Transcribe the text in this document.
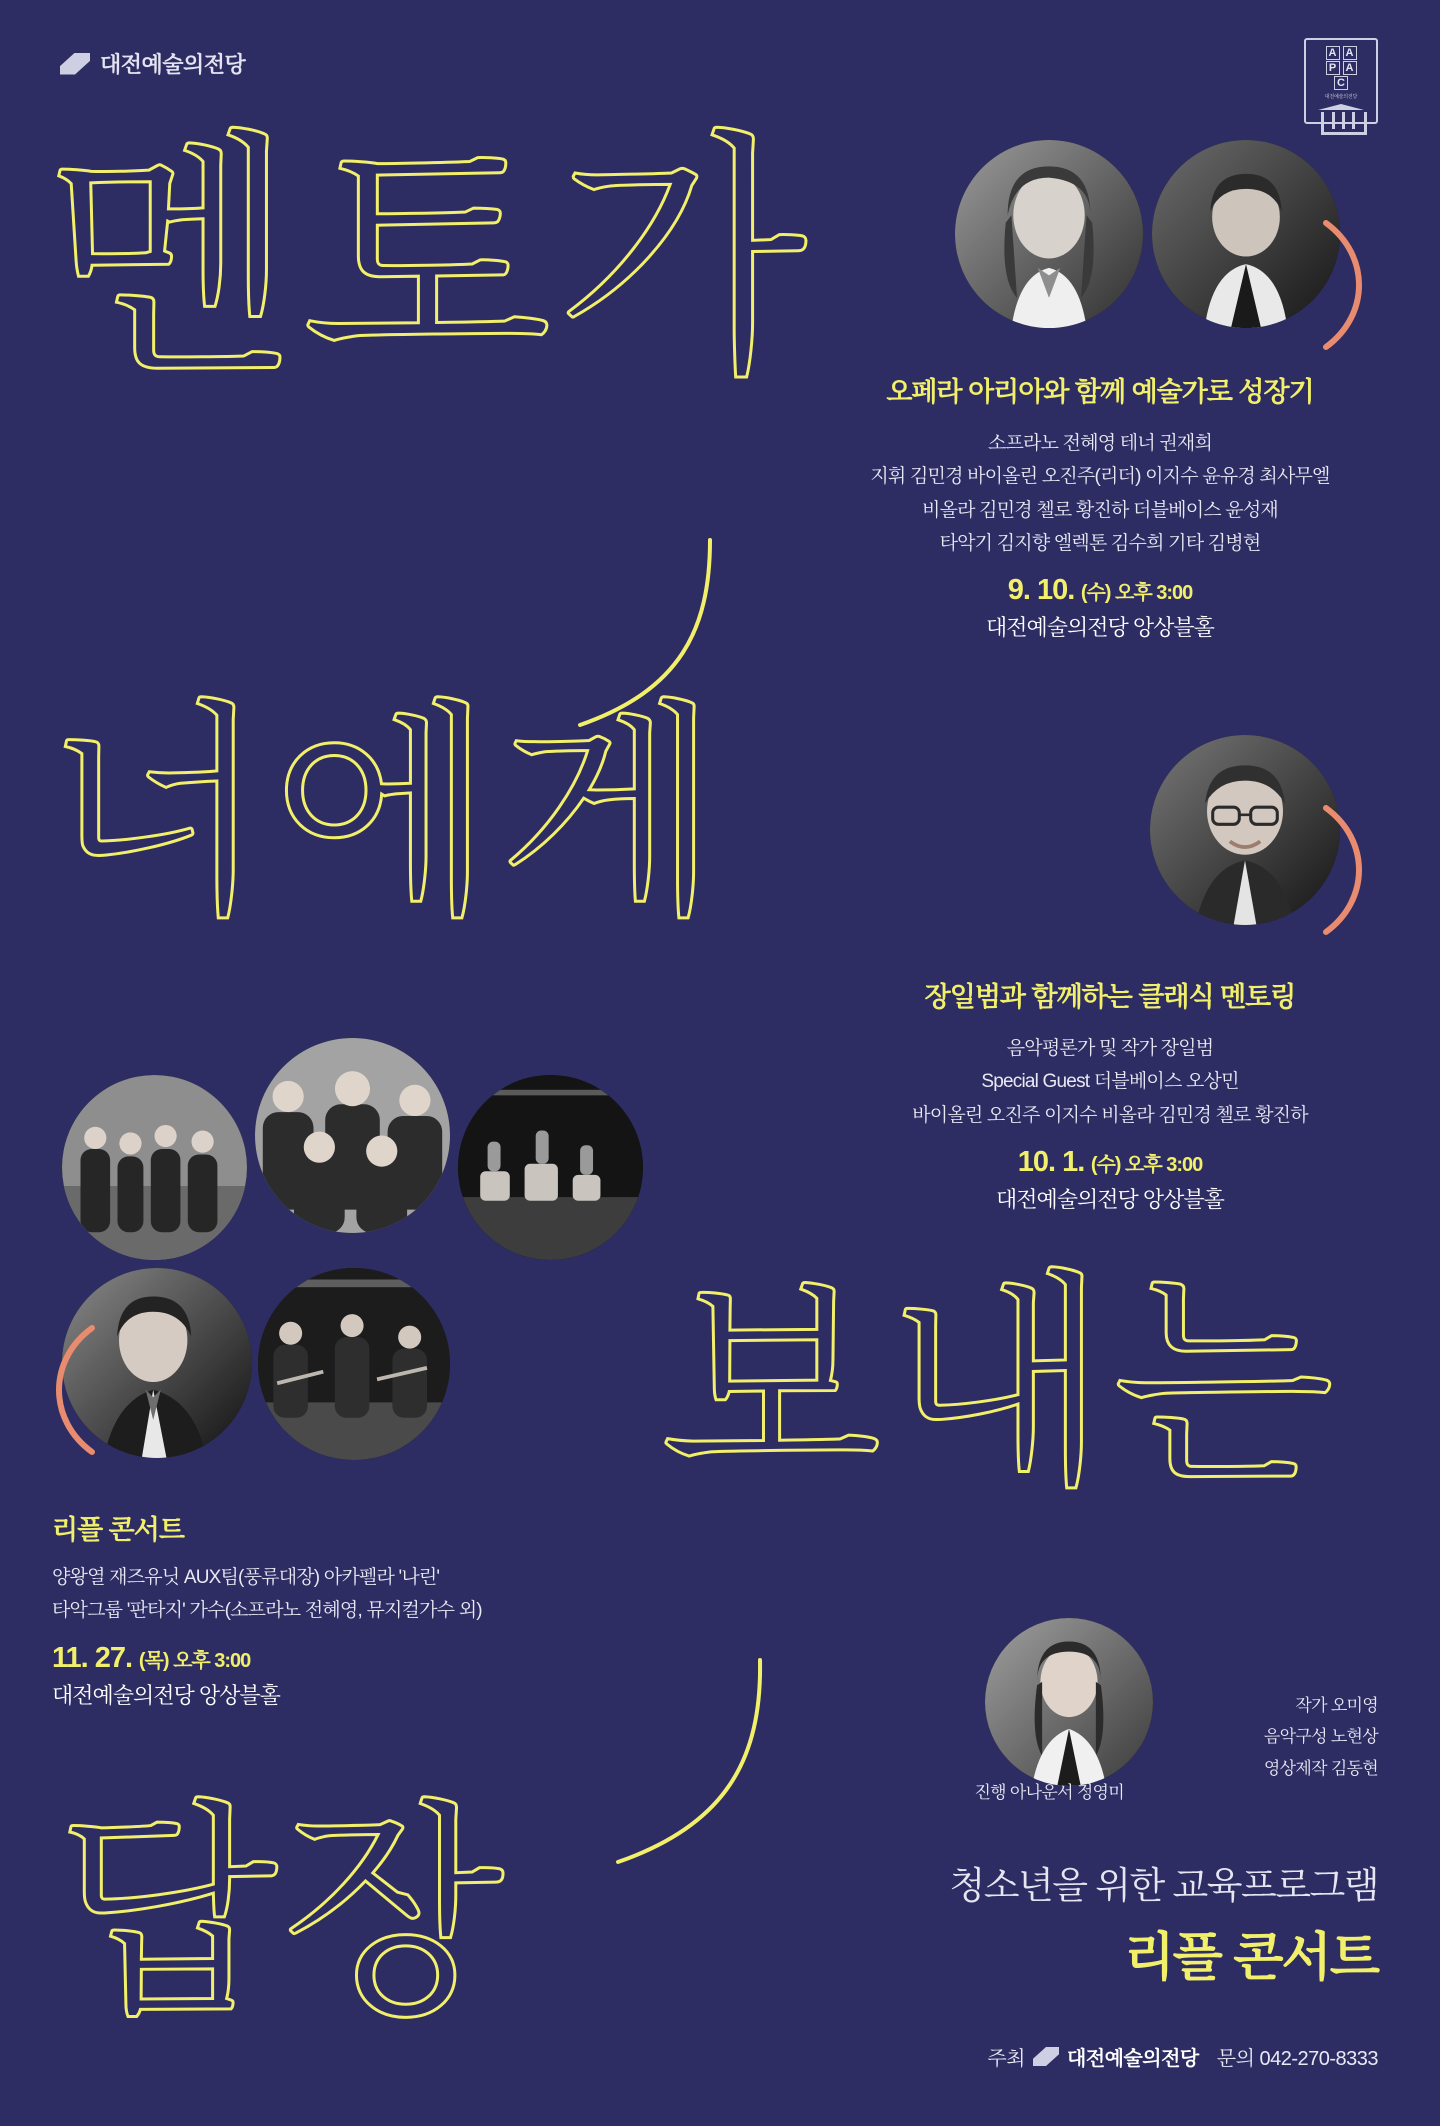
대전예술의전당	A A
P A
C
대전예술의전당
멘토가
너에게
보내는
답장
오페라 아리아와 함께 예술가로 성장기
소프라노 전혜영 테너 권재희
지휘 김민경 바이올린 오진주(리더) 이지수 윤유경 최사무엘
비올라 김민경 첼로 황진하 더블베이스 윤성재
타악기 김지향 엘렉톤 김수희 기타 김병현
9. 10. (수) 오후 3:00
대전예술의전당 앙상블홀
장일범과 함께하는 클래식 멘토링
음악평론가 및 작가 장일범
Special Guest 더블베이스 오상민
바이올린 오진주 이지수 비올라 김민경 첼로 황진하
10. 1. (수) 오후 3:00
대전예술의전당 앙상블홀
리플 콘서트
양왕열 재즈유닛 AUX팀(풍류대장) 아카펠라 '나린'
타악그룹 '판타지' 가수(소프라노 전혜영, 뮤지컬가수 외)
11. 27. (목) 오후 3:00
대전예술의전당 앙상블홀	작가 오미영
음악구성 노현상
영상제작 김동현
진행 아나운서 정영미
청소년을 위한 교육프로그램
리플 콘서트
주최 대전예술의전당 문의 042-270-8333
